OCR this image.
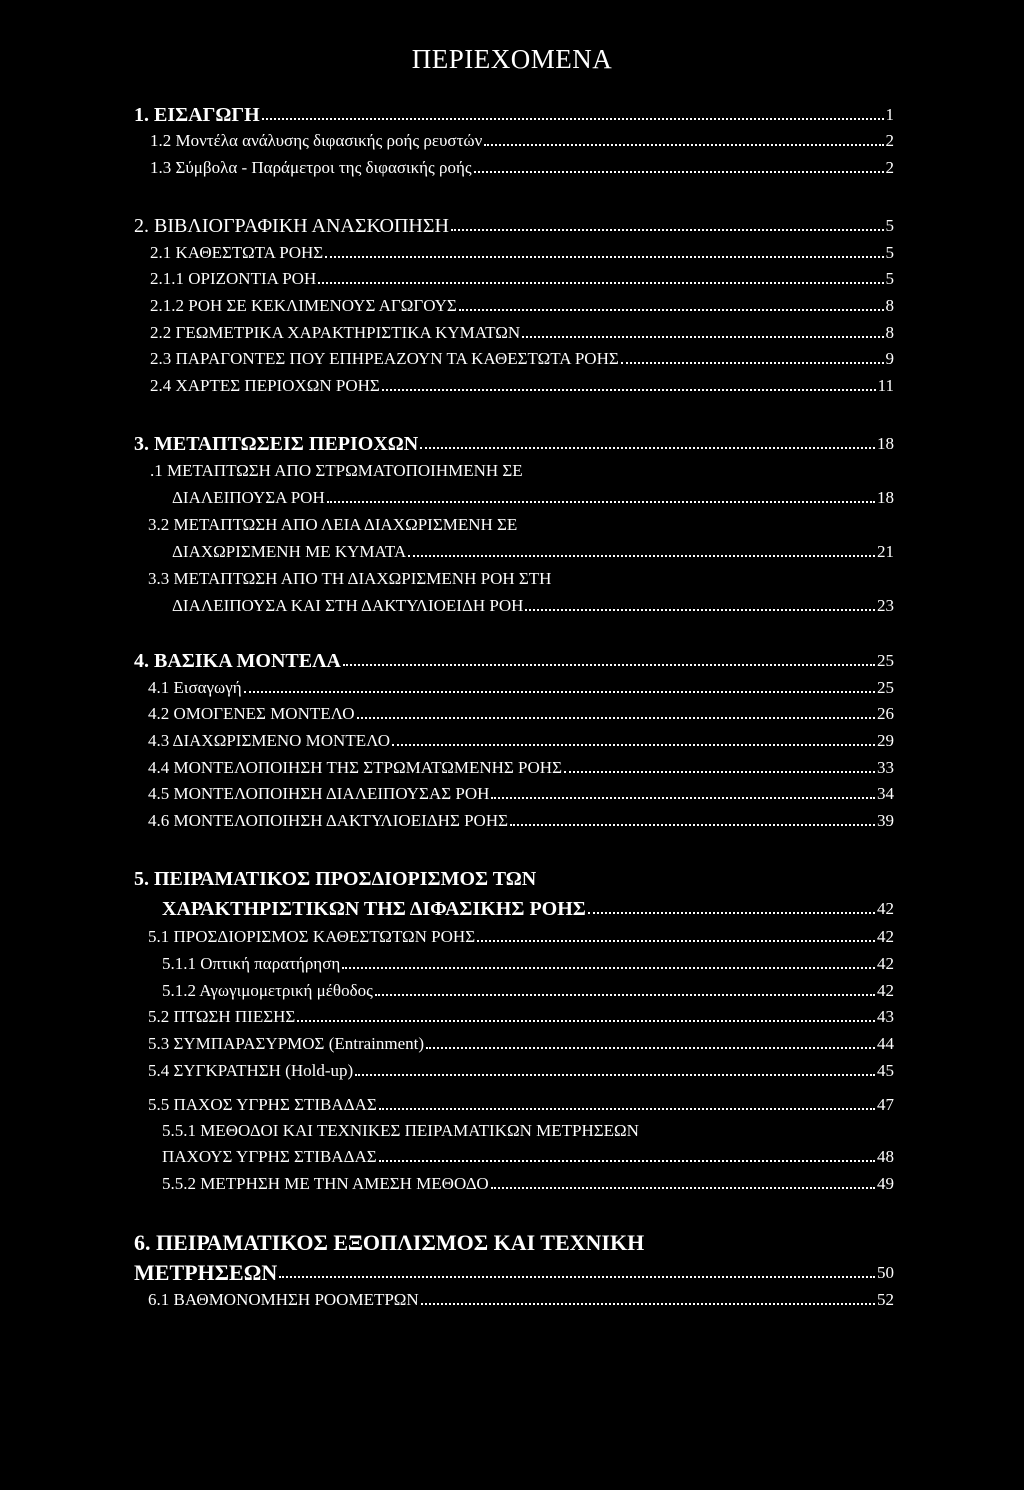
ΠΕΡΙΕΧΟΜΕΝΑ
1. ΕΙΣΑΓΩΓΗ	1
1.2 Μοντέλα ανάλυσης διφασικής ροής ρευστών	2
1.3 Σύμβολα - Παράμετροι της διφασικής ροής	2
2. ΒΙΒΛΙΟΓΡΑΦΙΚΗ ΑΝΑΣΚΟΠΗΣΗ	5
2.1 ΚΑΘΕΣΤΩΤΑ ΡΟΗΣ	5
2.1.1 ΟΡΙΖΟΝΤΙΑ ΡΟΗ	5
2.1.2 ΡΟΗ ΣΕ ΚΕΚΛΙΜΕΝΟΥΣ ΑΓΩΓΟΥΣ	8
2.2 ΓΕΩΜΕΤΡΙΚΑ ΧΑΡΑΚΤΗΡΙΣΤΙΚΑ ΚΥΜΑΤΩΝ	8
2.3 ΠΑΡΑΓΟΝΤΕΣ ΠΟΥ ΕΠΗΡΕΑΖΟΥΝ ΤΑ ΚΑΘΕΣΤΩΤΑ ΡΟΗΣ	9
2.4 ΧΑΡΤΕΣ ΠΕΡΙΟΧΩΝ ΡΟΗΣ	11
3. ΜΕΤΑΠΤΩΣΕΙΣ ΠΕΡΙΟΧΩΝ	18
.1 ΜΕΤΑΠΤΩΣΗ ΑΠΟ ΣΤΡΩΜΑΤΟΠΟΙΗΜΕΝΗ ΣΕ
ΔΙΑΛΕΙΠΟΥΣΑ ΡΟΗ	18
3.2 ΜΕΤΑΠΤΩΣΗ ΑΠΟ ΛΕΙΑ ΔΙΑΧΩΡΙΣΜΕΝΗ ΣΕ
ΔΙΑΧΩΡΙΣΜΕΝΗ ΜΕ ΚΥΜΑΤΑ	21
3.3 ΜΕΤΑΠΤΩΣΗ ΑΠΟ ΤΗ ΔΙΑΧΩΡΙΣΜΕΝΗ ΡΟΗ ΣΤΗ
ΔΙΑΛΕΙΠΟΥΣΑ ΚΑΙ ΣΤΗ ΔΑΚΤΥΛΙΟΕΙΔΗ ΡΟΗ	23
4. ΒΑΣΙΚΑ ΜΟΝΤΕΛΑ	25
4.1 Εισαγωγή	25
4.2 ΟΜΟΓΕΝΕΣ ΜΟΝΤΕΛΟ	26
4.3 ΔΙΑΧΩΡΙΣΜΕΝΟ ΜΟΝΤΕΛΟ	29
4.4 ΜΟΝΤΕΛΟΠΟΙΗΣΗ ΤΗΣ ΣΤΡΩΜΑΤΩΜΕΝΗΣ ΡΟΗΣ	33
4.5 ΜΟΝΤΕΛΟΠΟΙΗΣΗ ΔΙΑΛΕΙΠΟΥΣΑΣ ΡΟΗ	34
4.6 ΜΟΝΤΕΛΟΠΟΙΗΣΗ ΔΑΚΤΥΛΙΟΕΙΔΗΣ ΡΟΗΣ	39
5. ΠΕΙΡΑΜΑΤΙΚΟΣ ΠΡΟΣΔΙΟΡΙΣΜΟΣ ΤΩΝ
ΧΑΡΑΚΤΗΡΙΣΤΙΚΩΝ ΤΗΣ ΔΙΦΑΣΙΚΗΣ ΡΟΗΣ	42
5.1 ΠΡΟΣΔΙΟΡΙΣΜΟΣ ΚΑΘΕΣΤΩΤΩΝ ΡΟΗΣ	42
5.1.1 Οπτική παρατήρηση	42
5.1.2 Αγωγιμομετρική μέθοδος	42
5.2 ΠΤΩΣΗ ΠΙΕΣΗΣ	43
5.3 ΣΥΜΠΑΡΑΣΥΡΜΟΣ (Entrainment)	44
5.4 ΣΥΓΚΡΑΤΗΣΗ (Hold-up)	45
5.5 ΠΑΧΟΣ ΥΓΡΗΣ ΣΤΙΒΑΔΑΣ	47
5.5.1 ΜΕΘΟΔΟΙ ΚΑΙ ΤΕΧΝΙΚΕΣ ΠΕΙΡΑΜΑΤΙΚΩΝ ΜΕΤΡΗΣΕΩΝ
ΠΑΧΟΥΣ ΥΓΡΗΣ ΣΤΙΒΑΔΑΣ	48
5.5.2 ΜΕΤΡΗΣΗ ΜΕ ΤΗΝ ΑΜΕΣΗ ΜΕΘΟΔΟ	49
6. ΠΕΙΡΑΜΑΤΙΚΟΣ ΕΞΟΠΛΙΣΜΟΣ ΚΑΙ ΤΕΧΝΙΚΗ
ΜΕΤΡΗΣΕΩΝ	50
6.1 ΒΑΘΜΟΝΟΜΗΣΗ ΡΟΟΜΕΤΡΩΝ	52
